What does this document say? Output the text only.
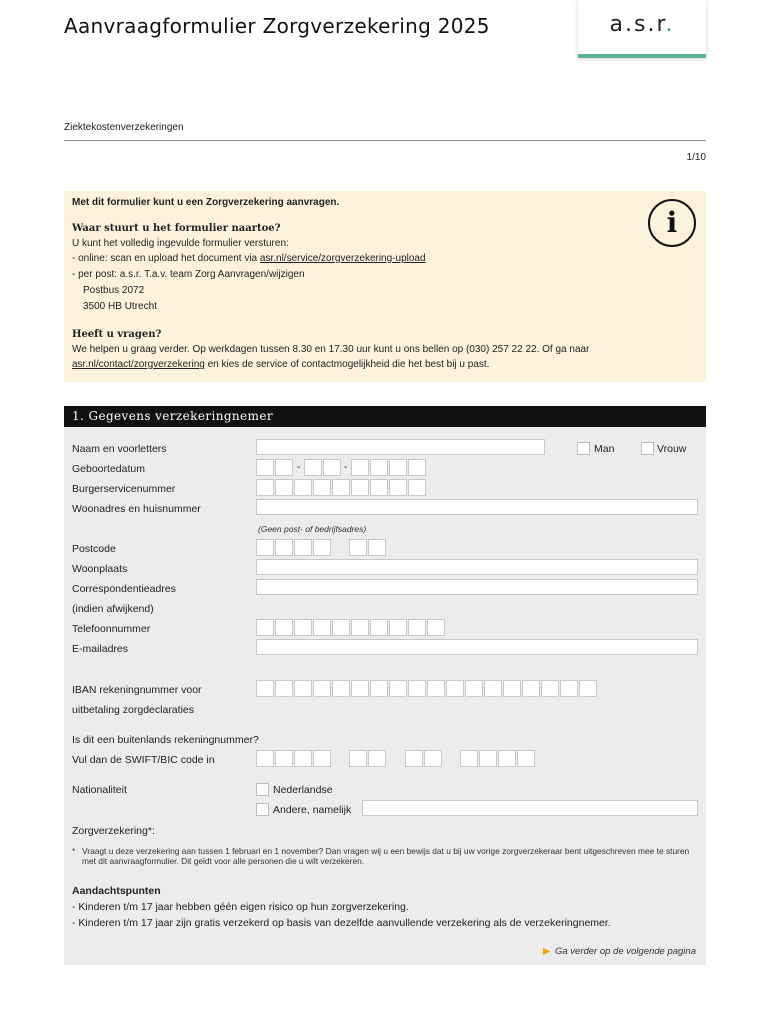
Aanvraagformulier Zorgverzekering 2025	a.s.r.
Ziektekostenverzekeringen
1/10
Met dit formulier kunt u een Zorgverzekering aanvragen.
Waar stuurt u het formulier naartoe?
U kunt het volledig ingevulde formulier versturen:
- online: scan en upload het document via asr.nl/service/zorgverzekering-upload
- per post: a.s.r. T.a.v. team Zorg Aanvragen/wijzigen
Postbus 2072
3500 HB Utrecht
Heeft u vragen?
We helpen u graag verder. Op werkdagen tussen 8.30 en 17.30 uur kunt u ons bellen op (030) 257 22 22. Of ga naar
asr.nl/contact/zorgverzekering en kies de service of contactmogelijkheid die het best bij u past.
i
1. Gegevens verzekeringnemer
Naam en voorletters	Man	Vrouw
Geboortedatum	-	-
Burgerservicenummer
Woonadres en huisnummer
(Geen post- of bedrijfsadres)
Postcode
Woonplaats
Correspondentieadres
(indien afwijkend)
Telefoonnummer
E-mailadres
IBAN rekeningnummer voor
uitbetaling zorgdeclaraties
Is dit een buitenlands rekeningnummer?
Vul dan de SWIFT/BIC code in
Nationaliteit	Nederlandse
Andere, namelijk
Zorgverzekering*:
* Vraagt u deze verzekering aan tussen 1 februari en 1 november? Dan vragen wij u een bewijs dat u bij uw vorige zorgverzekeraar bent uitgeschreven mee te sturen met dit aanvraagformulier. Dit geldt voor alle personen die u wilt verzekeren.
Aandachtspunten
- Kinderen t/m 17 jaar hebben géén eigen risico op hun zorgverzekering.
- Kinderen t/m 17 jaar zijn gratis verzekerd op basis van dezelfde aanvullende verzekering als de verzekeringnemer.
▶ Ga verder op de volgende pagina
